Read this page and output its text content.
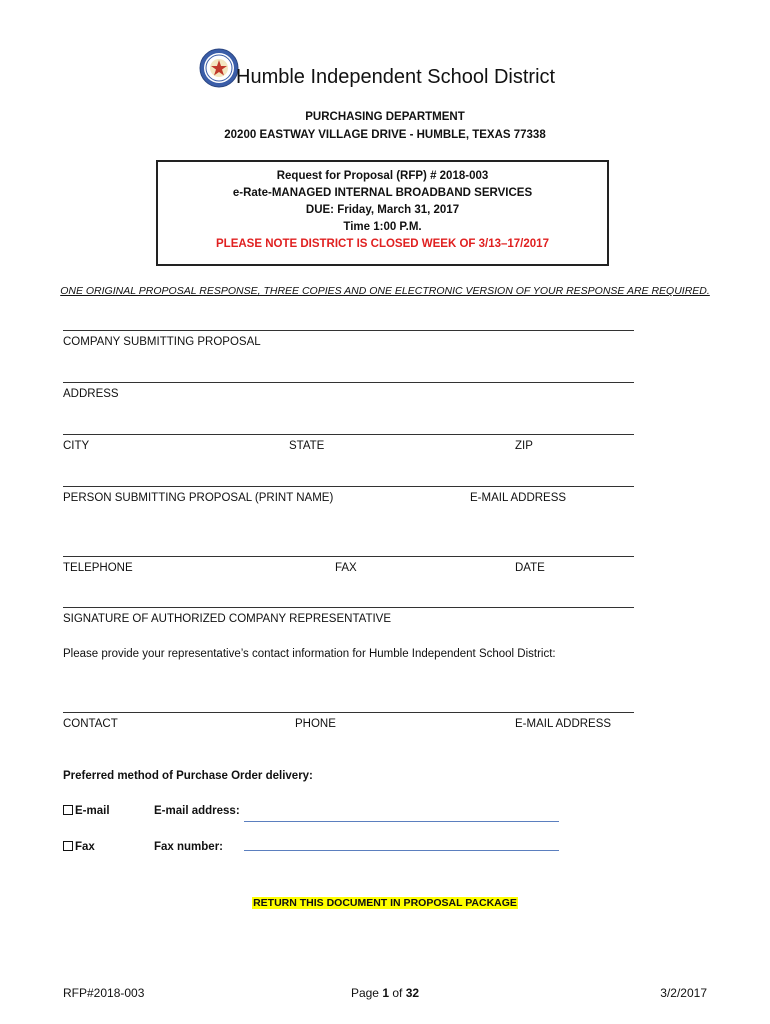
Humble Independent School District
PURCHASING DEPARTMENT
20200 EASTWAY VILLAGE DRIVE - HUMBLE, TEXAS 77338
Request for Proposal (RFP) # 2018-003
e-Rate-MANAGED INTERNAL BROADBAND SERVICES
DUE: Friday, March 31, 2017
Time 1:00 P.M.
PLEASE NOTE DISTRICT IS CLOSED WEEK OF 3/13–17/2017
ONE ORIGINAL PROPOSAL RESPONSE, THREE COPIES AND ONE ELECTRONIC VERSION OF YOUR RESPONSE ARE REQUIRED.
COMPANY SUBMITTING PROPOSAL
ADDRESS
CITY	STATE	ZIP
PERSON SUBMITTING PROPOSAL (PRINT NAME)	E-MAIL ADDRESS
TELEPHONE	FAX	DATE
SIGNATURE OF AUTHORIZED COMPANY REPRESENTATIVE
Please provide your representative’s contact information for Humble Independent School District:
CONTACT	PHONE	E-MAIL ADDRESS
Preferred method of Purchase Order delivery:
E-mail	E-mail address:
Fax	Fax number:
RETURN THIS DOCUMENT IN PROPOSAL PACKAGE
RFP#2018-003	Page 1 of 32	3/2/2017
